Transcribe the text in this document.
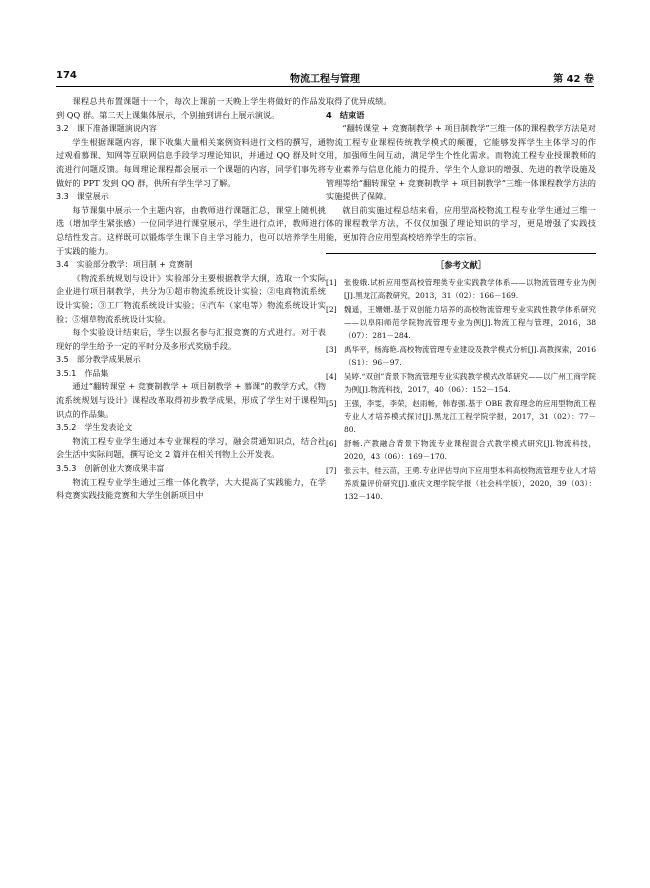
174	物流工程与管理	第 42 卷

课程总共布置课题十一个，每次上课前一天晚上学生将做好的作品发到 QQ 群。第二天上课集体展示，个别抽到讲台上展示演说。

3.2　课下准备课题演说内容

学生根据课题内容，课下收集大量相关案例资料进行文档的撰写，通过观看慕课、知网等互联网信息手段学习理论知识，并通过 QQ 群及时交流进行问题反馈。每周理论课程都会展示一个课题的内容，同学们事先将做好的 PPT 发到 QQ 群，供所有学生学习了解。

3.3　课堂展示

每节课集中展示一个主题内容，由教师进行课题汇总，课堂上随机挑选（增加学生紧张感）一位同学进行课堂展示，学生进行点评，教师进行总结性发言。这样既可以锻炼学生课下自主学习能力，也可以培养学生用于实践的能力。

3.4　实验部分教学：项目制 + 竞赛制

《物流系统规划与设计》实验部分主要根据教学大纲，选取一个实际企业进行项目制教学，共分为①超市物流系统设计实验；②电商物流系统设计实验；③工厂物流系统设计实验；④汽车（家电等）物流系统设计实验；⑤烟草物流系统设计实验。

每个实验设计结束后，学生以报名参与汇报竞赛的方式进行。对于表现好的学生给予一定的平时分及多形式奖励手段。

3.5　部分教学成果展示
3.5.1　作品集

通过“翻转课堂 + 竞赛制教学 + 项目制教学 + 慕课”的教学方式，《物流系统规划与设计》课程改革取得初步教学成果，形成了学生对于课程知识点的作品集。

3.5.2　学生发表论文

物流工程专业学生通过本专业课程的学习，融会贯通知识点，结合社会生活中实际问题，撰写论文 2 篇并在相关刊物上公开发表。

3.5.3　创新创业大赛成果丰富

物流工程专业学生通过三维一体化教学，大大提高了实践能力，在学科竞赛实践技能竞赛和大学生创新项目中

取得了优异成绩。

4　结束语

“翻转课堂 + 竞赛制教学 + 项目制教学”三维一体的课程教学方法是对物流工程专业课程传统教学模式的颠覆，它能够发挥学生主体学习的作用，加强师生间互动，满足学生个性化需求。而物流工程专业授课教师的专业素养与信息化能力的提升、学生个人意识的增强、先进的教学设施及管理等给“翻转课堂 + 竞赛制教学 + 项目制教学”三维一体课程教学方法的实施提供了保障。

就目前实施过程总结来看，应用型高校物流工程专业学生通过三维一体的课程教学方法，不仅仅加强了理论知识的学习，更是增强了实践技能，更加符合应用型高校培养学生的宗旨。

［参考文献］
[1] 张俊娥.试析应用型高校管理类专业实践教学体系——以物流管理专业为例[J].黑龙江高教研究，2013，31（02）：166－169.
[2] 魏遥，王姗姗.基于双创能力培养的高校物流管理专业实践性教学体系研究——以阜阳师范学院物流管理专业为例[J].物流工程与管理，2016，38（07）：281－284.
[3] 禹华平，杨海艳.高校物流管理专业建设及教学模式分析[J].高教探索，2016（S1）：96－97.
[4] 吴婷.“双创”背景下物流管理专业实践教学模式改革研究——以广州工商学院为例[J].物流科技，2017，40（06）：152－154.
[5] 王强，李雯，李荣，赵雨畅，韩春强.基于 OBE 教育理念的应用型物流工程专业人才培养模式探讨[J].黑龙江工程学院学报，2017，31（02）：77－80.
[6] 舒畅.产教融合背景下物流专业课程混合式教学模式研究[J].物流科技，2020，43（06）：169－170.
[7] 张云丰，桂云苗，王勇.专业评估导向下应用型本科高校物流管理专业人才培养质量评价研究[J].重庆文理学院学报（社会科学版），2020，39（03）：132－140.
